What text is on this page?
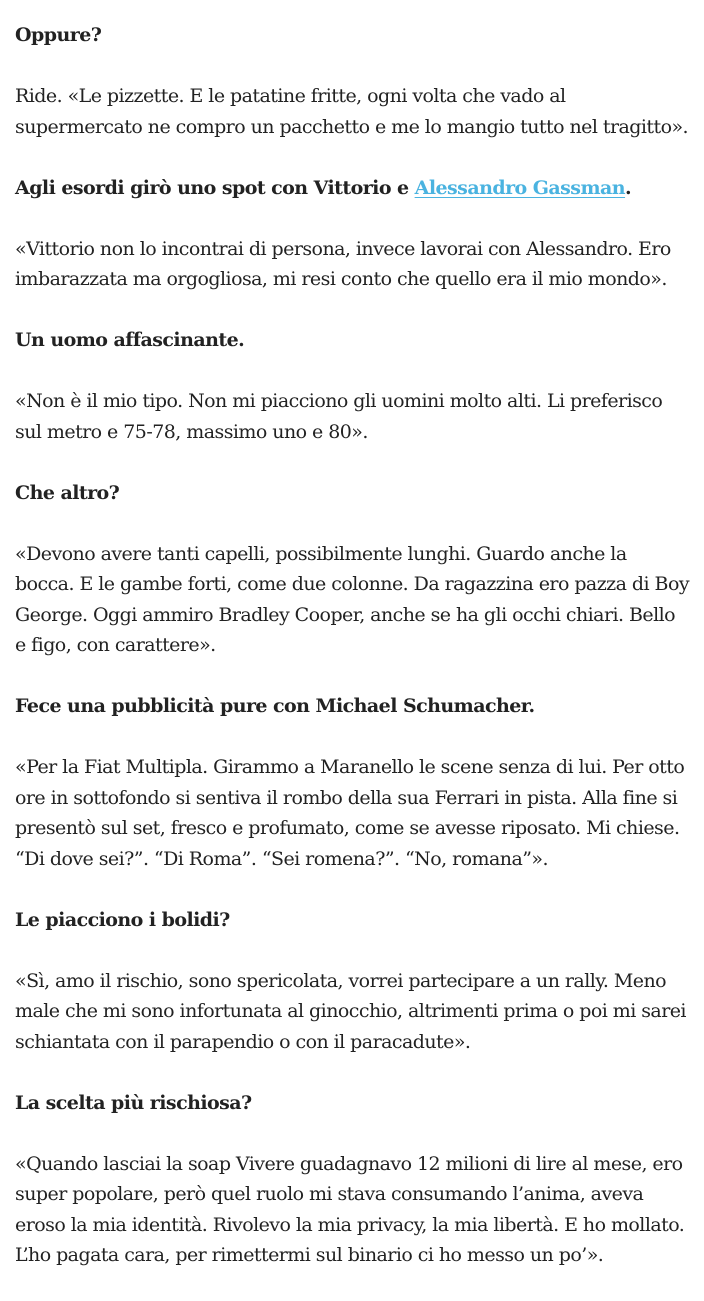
Oppure?

Ride. «Le pizzette. E le patatine fritte, ogni volta che vado al supermercato ne compro un pacchetto e me lo mangio tutto nel tragitto».

Agli esordi girò uno spot con Vittorio e Alessandro Gassman.

«Vittorio non lo incontrai di persona, invece lavorai con Alessandro. Ero imbarazzata ma orgogliosa, mi resi conto che quello era il mio mondo».

Un uomo affascinante.

«Non è il mio tipo. Non mi piacciono gli uomini molto alti. Li preferisco sul metro e 75-78, massimo uno e 80».

Che altro?

«Devono avere tanti capelli, possibilmente lunghi. Guardo anche la bocca. E le gambe forti, come due colonne. Da ragazzina ero pazza di Boy George. Oggi ammiro Bradley Cooper, anche se ha gli occhi chiari. Bello e figo, con carattere».

Fece una pubblicità pure con Michael Schumacher.

«Per la Fiat Multipla. Girammo a Maranello le scene senza di lui. Per otto ore in sottofondo si sentiva il rombo della sua Ferrari in pista. Alla fine si presentò sul set, fresco e profumato, come se avesse riposato. Mi chiese. “Di dove sei?”. “Di Roma”. “Sei romena?”. “No, romana”».

Le piacciono i bolidi?

«Sì, amo il rischio, sono spericolata, vorrei partecipare a un rally. Meno male che mi sono infortunata al ginocchio, altrimenti prima o poi mi sarei schiantata con il parapendio o con il paracadute».

La scelta più rischiosa?

«Quando lasciai la soap Vivere guadagnavo 12 milioni di lire al mese, ero super popolare, però quel ruolo mi stava consumando l’anima, aveva eroso la mia identità. Rivolevo la mia privacy, la mia libertà. E ho mollato. L’ho pagata cara, per rimettermi sul binario ci ho messo un po’».
